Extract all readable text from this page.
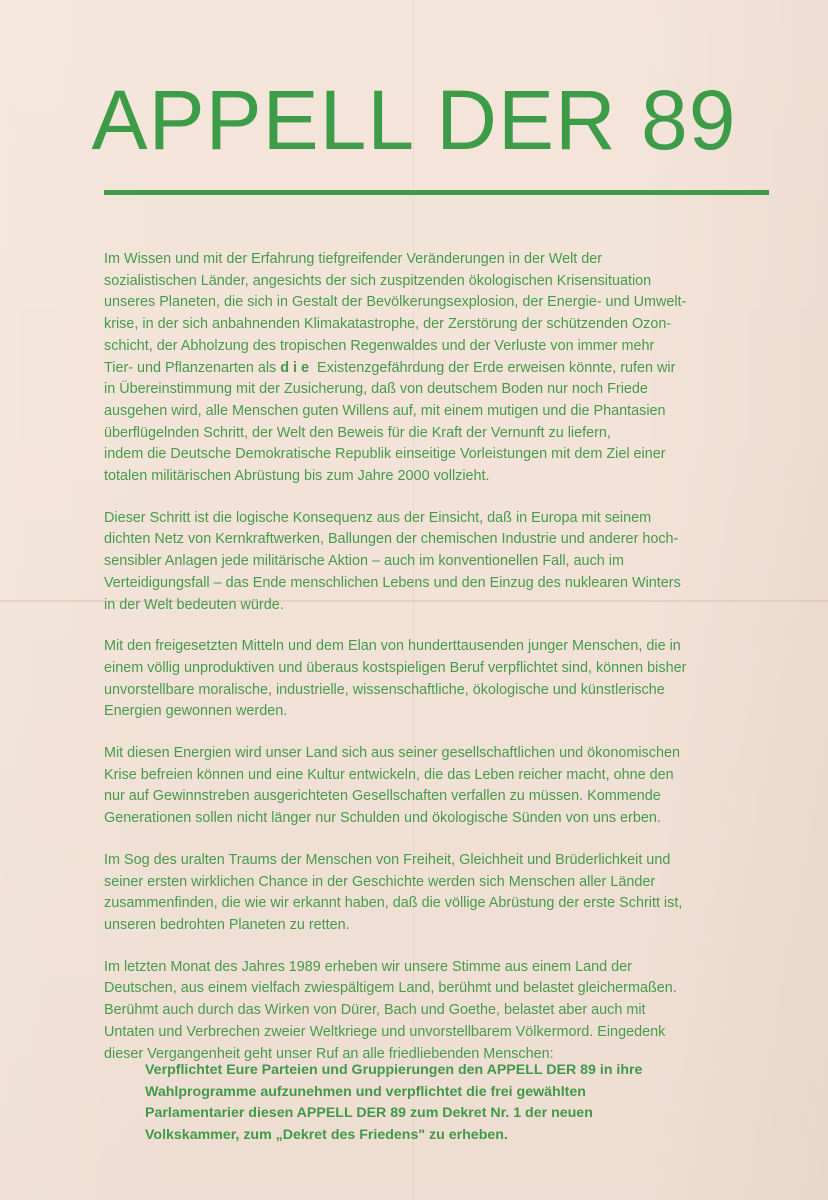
APPELL DER 89

Im Wissen und mit der Erfahrung tiefgreifender Veränderungen in der Welt der
sozialistischen Länder, angesichts der sich zuspitzenden ökologischen Krisensituation
unseres Planeten, die sich in Gestalt der Bevölkerungsexplosion, der Energie- und Umwelt-
krise, in der sich anbahnenden Klimakatastrophe, der Zerstörung der schützenden Ozon-
schicht, der Abholzung des tropischen Regenwaldes und der Verluste von immer mehr
Tier- und Pflanzenarten als die Existenzgefährdung der Erde erweisen könnte, rufen wir
in Übereinstimmung mit der Zusicherung, daß von deutschem Boden nur noch Friede
ausgehen wird, alle Menschen guten Willens auf, mit einem mutigen und die Phantasien
überflügelnden Schritt, der Welt den Beweis für die Kraft der Vernunft zu liefern,
indem die Deutsche Demokratische Republik einseitige Vorleistungen mit dem Ziel einer
totalen militärischen Abrüstung bis zum Jahre 2000 vollzieht.

Dieser Schritt ist die logische Konsequenz aus der Einsicht, daß in Europa mit seinem
dichten Netz von Kernkraftwerken, Ballungen der chemischen Industrie und anderer hoch-
sensibler Anlagen jede militärische Aktion – auch im konventionellen Fall, auch im
Verteidigungsfall – das Ende menschlichen Lebens und den Einzug des nuklearen Winters
in der Welt bedeuten würde.

Mit den freigesetzten Mitteln und dem Elan von hunderttausenden junger Menschen, die in
einem völlig unproduktiven und überaus kostspieligen Beruf verpflichtet sind, können bisher
unvorstellbare moralische, industrielle, wissenschaftliche, ökologische und künstlerische
Energien gewonnen werden.

Mit diesen Energien wird unser Land sich aus seiner gesellschaftlichen und ökonomischen
Krise befreien können und eine Kultur entwickeln, die das Leben reicher macht, ohne den
nur auf Gewinnstreben ausgerichteten Gesellschaften verfallen zu müssen. Kommende
Generationen sollen nicht länger nur Schulden und ökologische Sünden von uns erben.

Im Sog des uralten Traums der Menschen von Freiheit, Gleichheit und Brüderlichkeit und
seiner ersten wirklichen Chance in der Geschichte werden sich Menschen aller Länder
zusammenfinden, die wie wir erkannt haben, daß die völlige Abrüstung der erste Schritt ist,
unseren bedrohten Planeten zu retten.

Im letzten Monat des Jahres 1989 erheben wir unsere Stimme aus einem Land der
Deutschen, aus einem vielfach zwiespältigem Land, berühmt und belastet gleichermaßen.
Berühmt auch durch das Wirken von Dürer, Bach und Goethe, belastet aber auch mit
Untaten und Verbrechen zweier Weltkriege und unvorstellbarem Völkermord. Eingedenk
dieser Vergangenheit geht unser Ruf an alle friedliebenden Menschen:

Verpflichtet Eure Parteien und Gruppierungen den APPELL DER 89 in ihre
Wahlprogramme aufzunehmen und verpflichtet die frei gewählten
Parlamentarier diesen APPELL DER 89 zum Dekret Nr. 1 der neuen
Volkskammer, zum „Dekret des Friedens" zu erheben.
